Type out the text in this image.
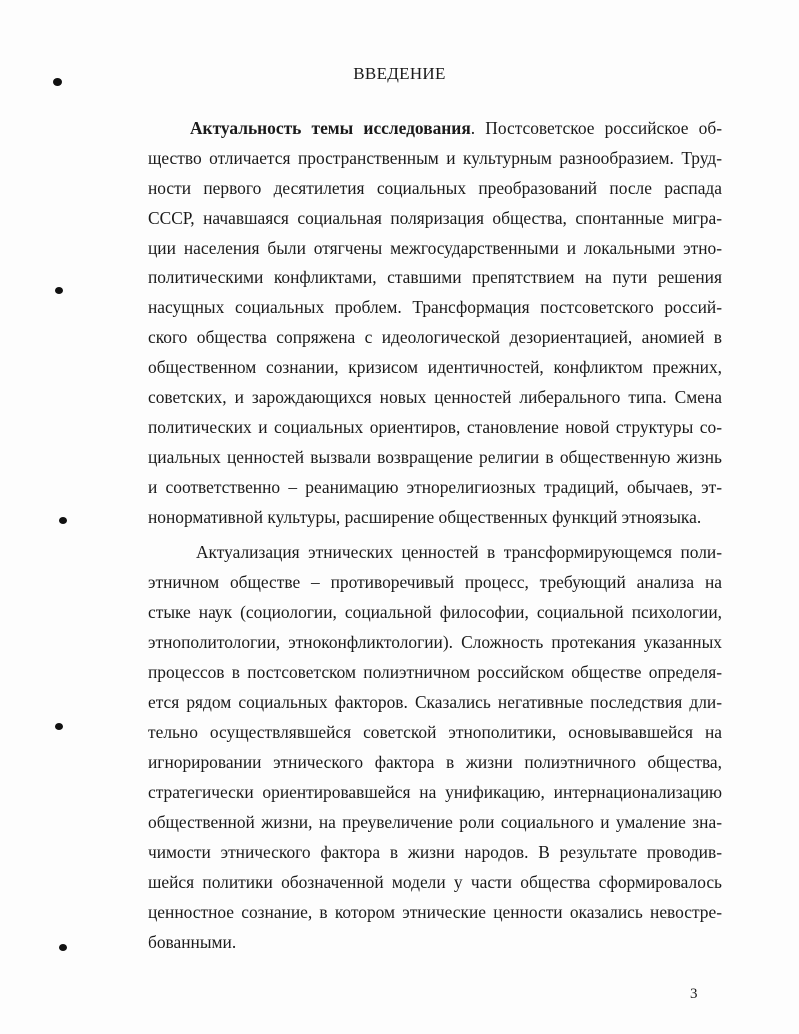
ВВЕДЕНИЕ
Актуальность темы исследования. Постсоветское российское об-
щество отличается пространственным и культурным разнообразием. Труд-
ности первого десятилетия социальных преобразований после распада
СССР, начавшаяся социальная поляризация общества, спонтанные мигра-
ции населения были отягчены межгосударственными и локальными этно-
политическими конфликтами, ставшими препятствием на пути решения
насущных социальных проблем. Трансформация постсоветского россий-
ского общества сопряжена с идеологической дезориентацией, аномией в
общественном сознании, кризисом идентичностей, конфликтом прежних,
советских, и зарождающихся новых ценностей либерального типа. Смена
политических и социальных ориентиров, становление новой структуры со-
циальных ценностей вызвали возвращение религии в общественную жизнь
и соответственно – реанимацию этнорелигиозных традиций, обычаев, эт-
нонормативной культуры, расширение общественных функций этноязыка.
Актуализация этнических ценностей в трансформирующемся поли-
этничном обществе – противоречивый процесс, требующий анализа на
стыке наук (социологии, социальной философии, социальной психологии,
этнополитологии, этноконфликтологии). Сложность протекания указанных
процессов в постсоветском полиэтничном российском обществе определя-
ется рядом социальных факторов. Сказались негативные последствия дли-
тельно осуществлявшейся советской этнополитики, основывавшейся на
игнорировании этнического фактора в жизни полиэтничного общества,
стратегически ориентировавшейся на унификацию, интернационализацию
общественной жизни, на преувеличение роли социального и умаление зна-
чимости этнического фактора в жизни народов. В результате проводив-
шейся политики обозначенной модели у части общества сформировалось
ценностное сознание, в котором этнические ценности оказались невостре-
бованными.
3
